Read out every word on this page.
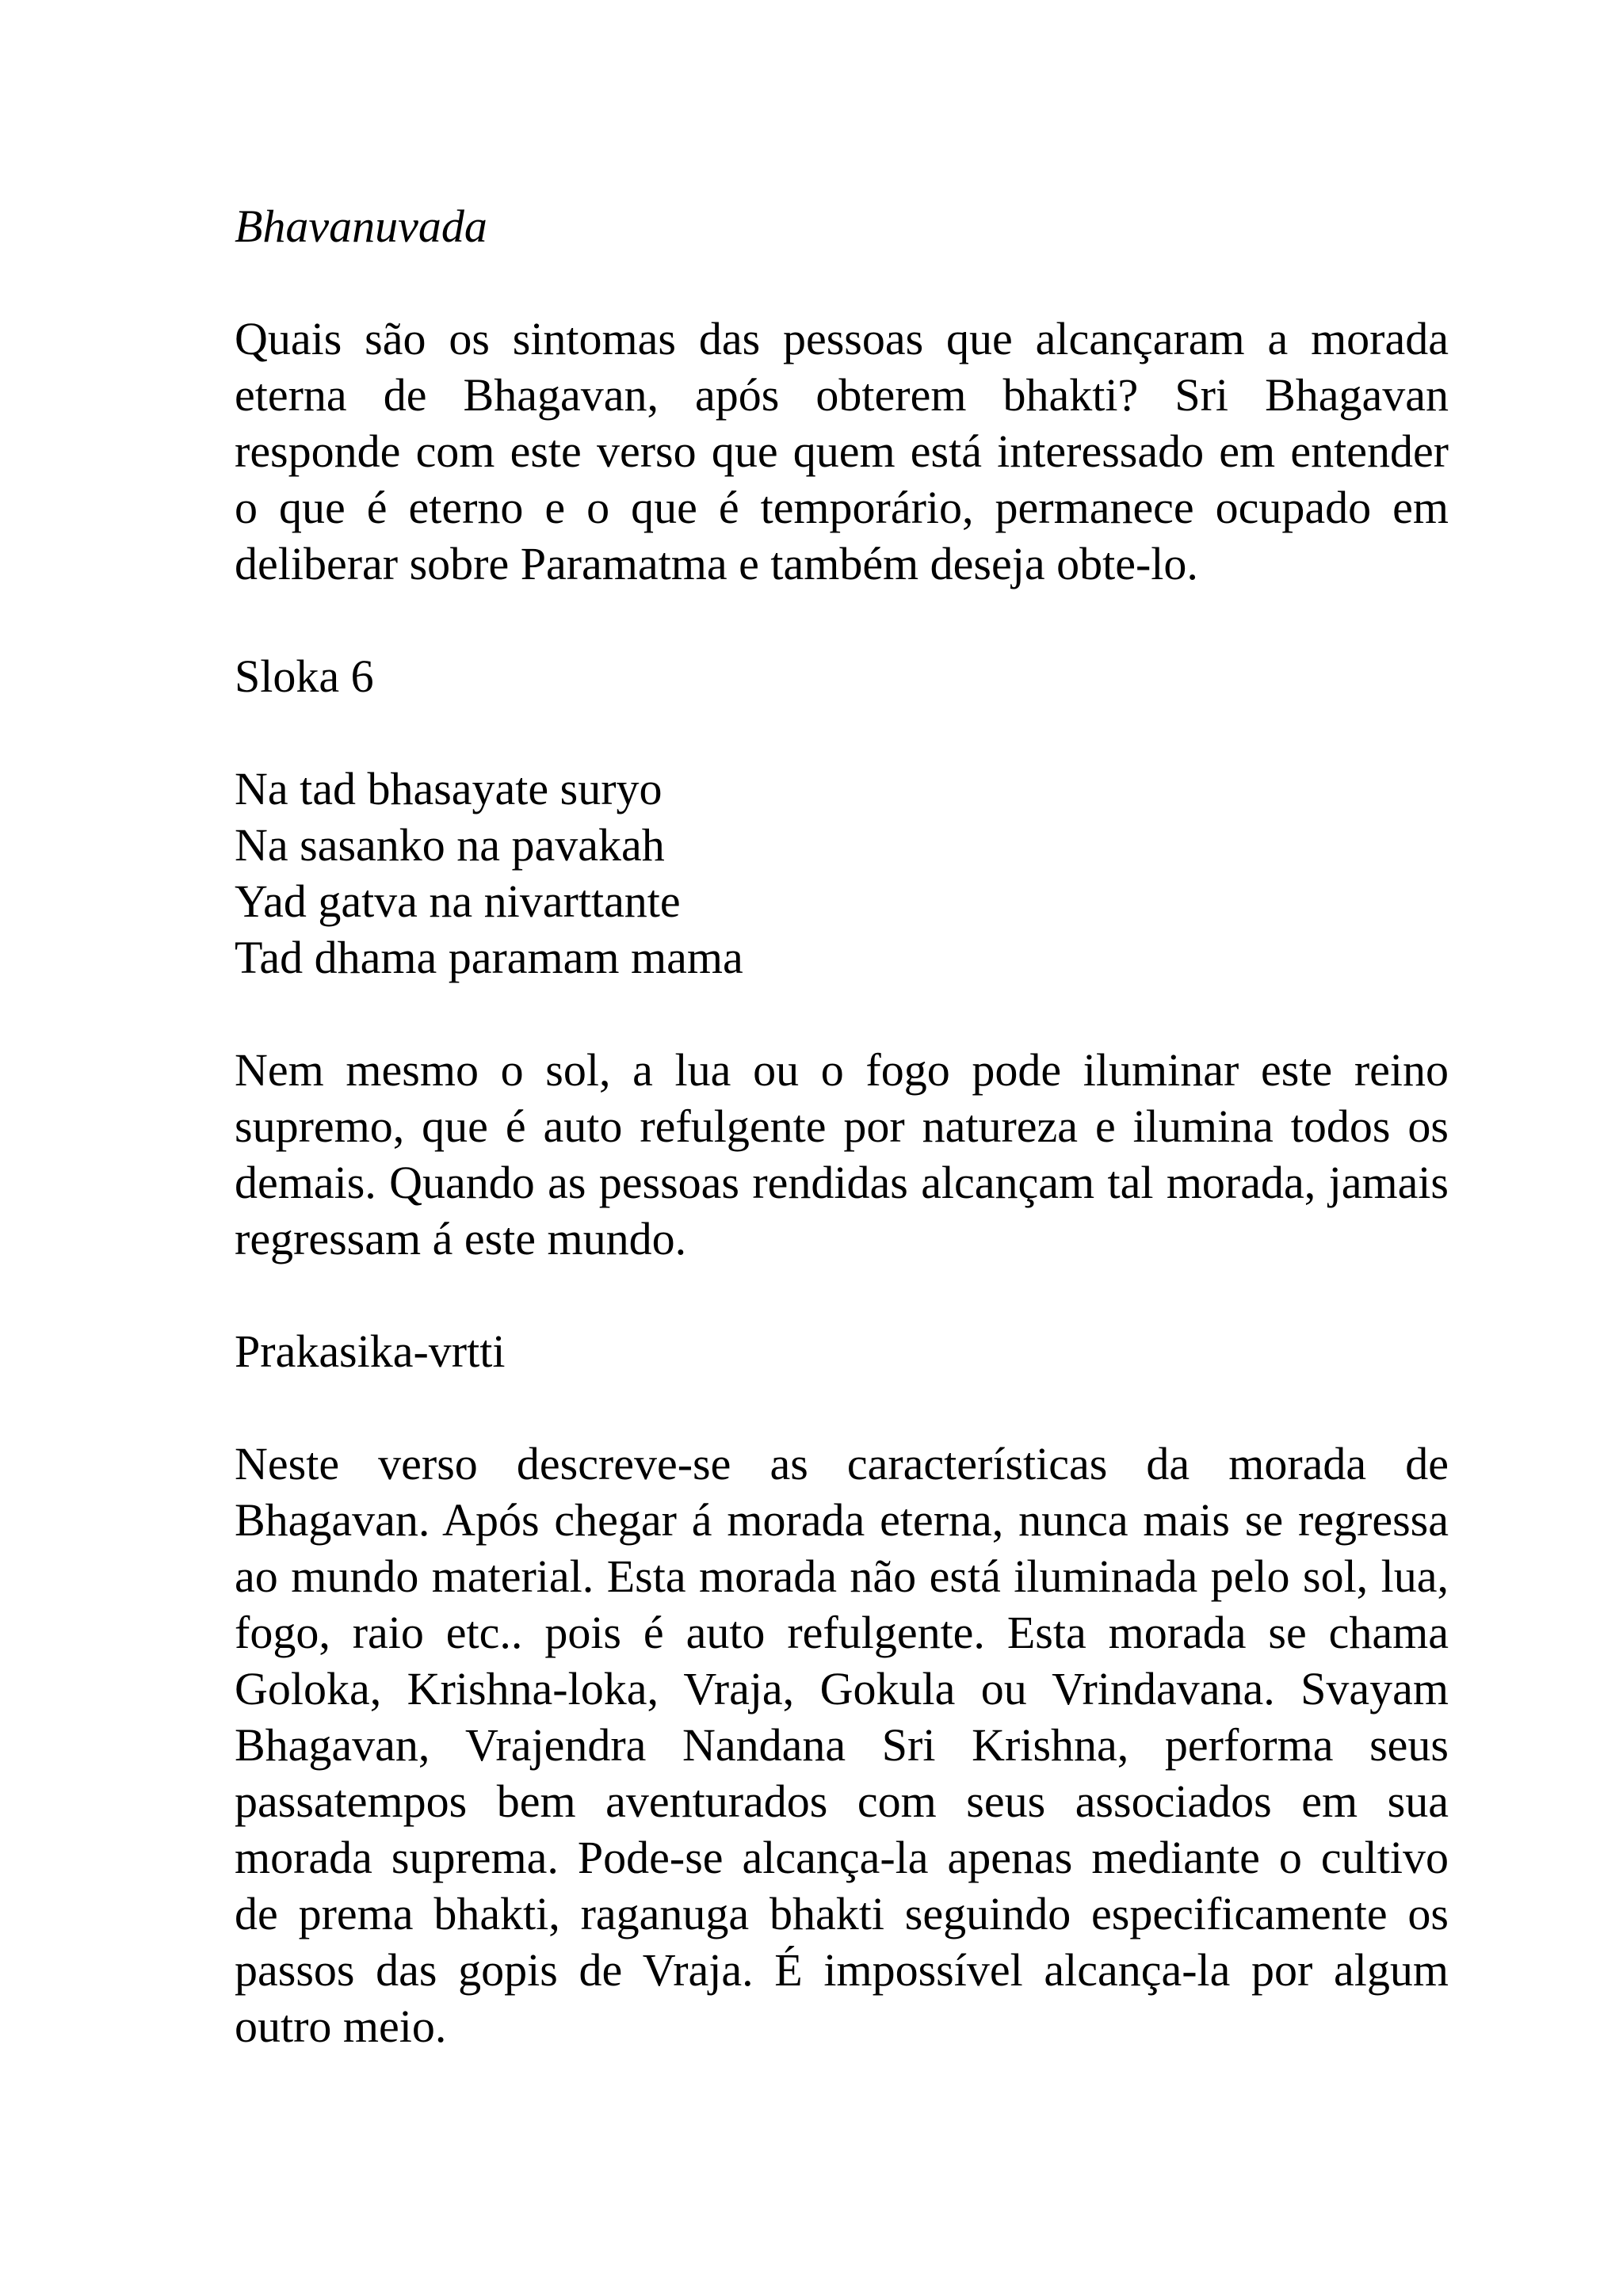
Bhavanuvada

Quais são os sintomas das pessoas que alcançaram a morada eterna de Bhagavan, após obterem bhakti? Sri Bhagavan responde com este verso que quem está interessado em entender o que é eterno e o que é temporário, permanece ocupado em deliberar sobre Paramatma e também deseja obte-lo.

Sloka 6

Na tad bhasayate suryo
Na sasanko na pavakah
Yad gatva na nivarttante
Tad dhama paramam mama

Nem mesmo o sol, a lua ou o fogo pode iluminar este reino supremo, que é auto refulgente por natureza e ilumina todos os demais. Quando as pessoas rendidas alcançam tal morada, jamais regressam á este mundo.

Prakasika-vrtti

Neste verso descreve-se as características da morada de Bhagavan. Após chegar á morada eterna, nunca mais se regressa ao mundo material. Esta morada não está iluminada pelo sol, lua, fogo, raio etc.. pois é auto refulgente. Esta morada se chama Goloka, Krishna-loka, Vraja, Gokula ou Vrindavana. Svayam Bhagavan, Vrajendra Nandana Sri Krishna, performa seus passatempos bem aventurados com seus associados em sua morada suprema. Pode-se alcança-la apenas mediante o cultivo de prema bhakti, raganuga bhakti seguindo especificamente os passos das gopis de Vraja. É impossível alcança-la por algum outro meio.
